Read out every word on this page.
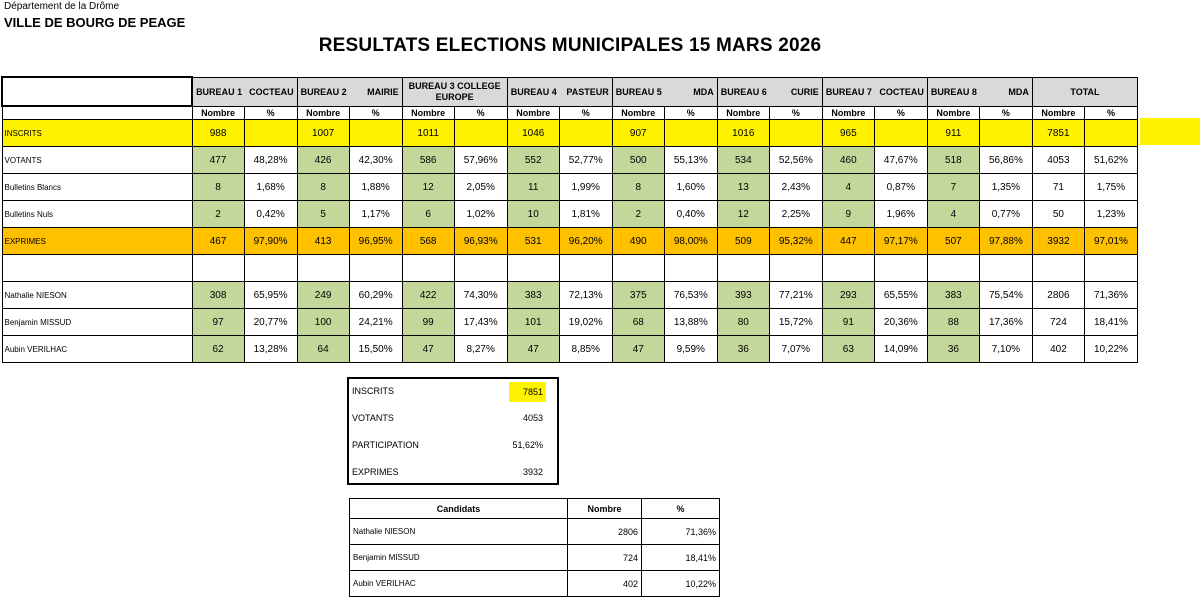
Département de la Drôme
VILLE DE BOURG DE PEAGE
RESULTATS ELECTIONS MUNICIPALES 15 MARS 2026

	BUREAU 1 COCTEAU		BUREAU 2 MAIRIE		BUREAU 3 COLLEGE
EUROPE		BUREAU 4 PASTEUR		BUREAU 5 MDA		BUREAU 6 CURIE		BUREAU 7 COCTEAU		BUREAU 8 MDA		TOTAL	
	Nombre	%	Nombre	%	Nombre	%	Nombre	%	Nombre	%	Nombre	%	Nombre	%	Nombre	%	Nombre	%
INSCRITS	988		1007		1011		1046		907		1016		965		911		7851	
VOTANTS	477	48,28%	426	42,30%	586	57,96%	552	52,77%	500	55,13%	534	52,56%	460	47,67%	518	56,86%	4053	51,62%
Bulletins Blancs	8	1,68%	8	1,88%	12	2,05%	11	1,99%	8	1,60%	13	2,43%	4	0,87%	7	1,35%	71	1,75%
Bulletins Nuls	2	0,42%	5	1,17%	6	1,02%	10	1,81%	2	0,40%	12	2,25%	9	1,96%	4	0,77%	50	1,23%
EXPRIMES	467	97,90%	413	96,95%	568	96,93%	531	96,20%	490	98,00%	509	95,32%	447	97,17%	507	97,88%	3932	97,01%

Nathalie NIESON	308	65,95%	249	60,29%	422	74,30%	383	72,13%	375	76,53%	393	77,21%	293	65,55%	383	75,54%	2806	71,36%
Benjamin MISSUD	97	20,77%	100	24,21%	99	17,43%	101	19,02%	68	13,88%	80	15,72%	91	20,36%	88	17,36%	724	18,41%
Aubin VERILHAC	62	13,28%	64	15,50%	47	8,27%	47	8,85%	47	9,59%	36	7,07%	63	14,09%	36	7,10%	402	10,22%
INSCRITS	7851
VOTANTS	4053
PARTICIPATION	51,62%
EXPRIMES	3932
Candidats	Nombre	%
Nathalie NIESON	2806	71,36%
Benjamin MISSUD	724	18,41%
Aubin VERILHAC	402	10,22%
